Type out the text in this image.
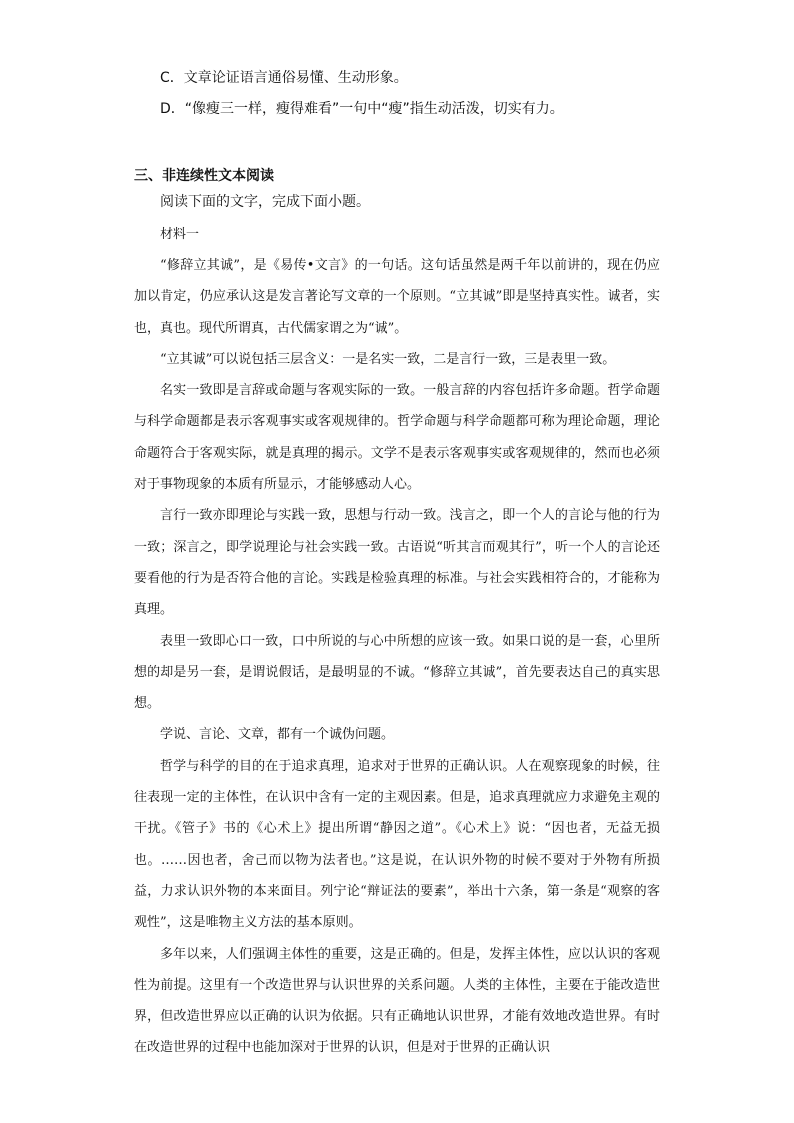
C．文章论证语言通俗易懂、生动形象。
D．“像瘦三一样，瘦得难看”一句中“瘦”指生动活泼，切实有力。
三、非连续性文本阅读
阅读下面的文字，完成下面小题。
材料一

“修辞立其诚”，是《易传•文言》的一句话。这句话虽然是两千年以前讲的，现在仍应加以肯定，仍应承认这是发言著论写文章的一个原则。“立其诚”即是坚持真实性。诚者，实也，真也。现代所谓真，古代儒家谓之为“诚”。

“立其诚”可以说包括三层含义：一是名实一致，二是言行一致，三是表里一致。

名实一致即是言辞或命题与客观实际的一致。一般言辞的内容包括许多命题。哲学命题与科学命题都是表示客观事实或客观规律的。哲学命题与科学命题都可称为理论命题，理论命题符合于客观实际，就是真理的揭示。文学不是表示客观事实或客观规律的，然而也必须对于事物现象的本质有所显示，才能够感动人心。

言行一致亦即理论与实践一致，思想与行动一致。浅言之，即一个人的言论与他的行为一致；深言之，即学说理论与社会实践一致。古语说“听其言而观其行”，听一个人的言论还要看他的行为是否符合他的言论。实践是检验真理的标准。与社会实践相符合的，才能称为真理。

表里一致即心口一致，口中所说的与心中所想的应该一致。如果口说的是一套，心里所想的却是另一套，是谓说假话，是最明显的不诚。“修辞立其诚”，首先要表达自己的真实思想。

学说、言论、文章，都有一个诚伪问题。

哲学与科学的目的在于追求真理，追求对于世界的正确认识。人在观察现象的时候，往往表现一定的主体性，在认识中含有一定的主观因素。但是，追求真理就应力求避免主观的干扰。《管子》书的《心术上》提出所谓“静因之道”。《心术上》说：“因也者，无益无损也。……因也者，舍己而以物为法者也。”这是说，在认识外物的时候不要对于外物有所损益，力求认识外物的本来面目。列宁论“辩证法的要素”，举出十六条，第一条是“观察的客观性”，这是唯物主义方法的基本原则。

多年以来，人们强调主体性的重要，这是正确的。但是，发挥主体性，应以认识的客观性为前提。这里有一个改造世界与认识世界的关系问题。人类的主体性，主要在于能改造世界，但改造世界应以正确的认识为依据。只有正确地认识世界，才能有效地改造世界。有时在改造世界的过程中也能加深对于世界的认识，但是对于世界的正确认识
